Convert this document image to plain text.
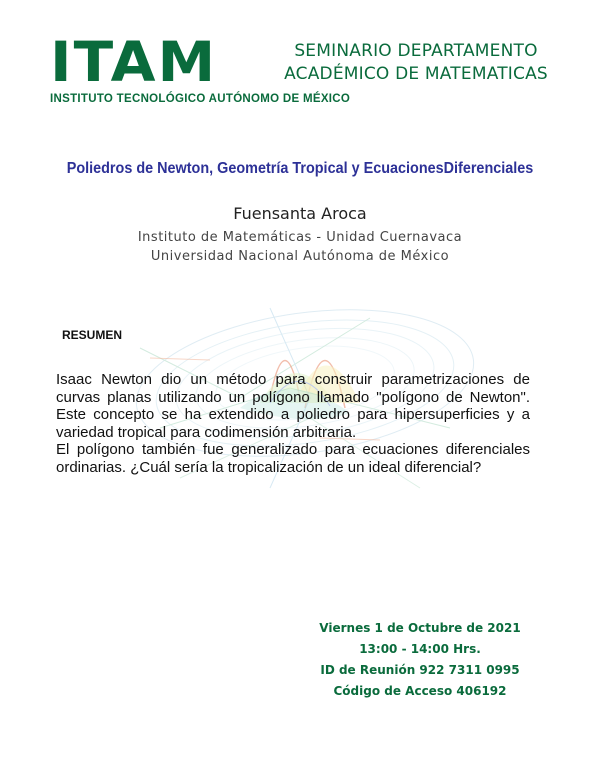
ITAM
INSTITUTO TECNOLÓGICO AUTÓNOMO DE MÉXICO
SEMINARIO DEPARTAMENTO
ACADÉMICO DE MATEMATICAS
Poliedros de Newton, Geometría Tropical y EcuacionesDiferenciales
Fuensanta Aroca
Instituto de Matemáticas - Unidad Cuernavaca
Universidad Nacional Autónoma de México
RESUMEN

Isaac Newton dio un método para construir parametrizaciones de curvas planas utilizando un polígono llamado "polígono de Newton". Este concepto se ha extendido a poliedro para hipersuperficies y a variedad tropical para codimensión arbitraria.

El polígono también fue generalizado para ecuaciones diferenciales ordinarias. ¿Cuál sería la tropicalización de un ideal diferencial?

Viernes 1 de Octubre de 2021
13:00 - 14:00 Hrs.
ID de Reunión 922 7311 0995
Código de Acceso 406192
